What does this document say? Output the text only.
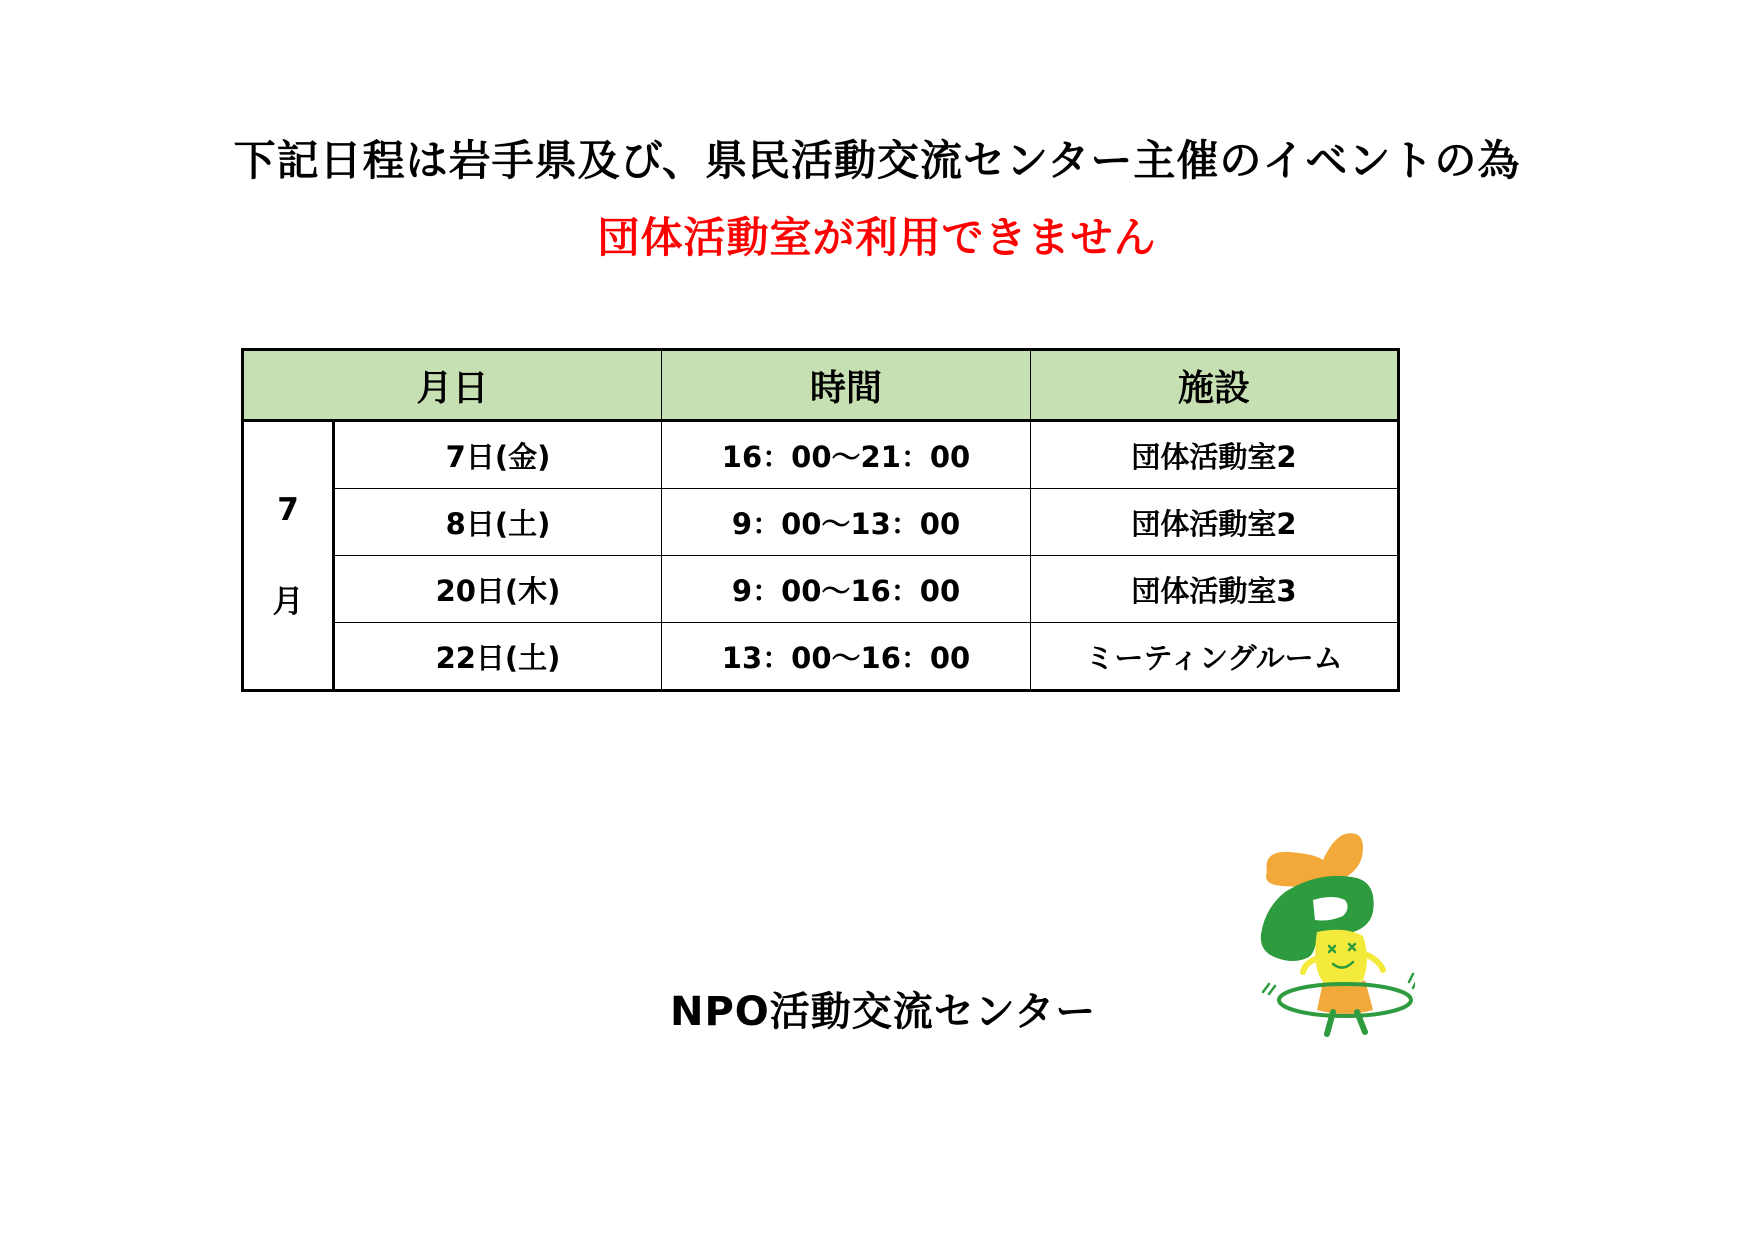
下記日程は岩手県及び、県民活動交流センター主催のイベントの為
団体活動室が利用できません
月日		時間	施設

7
月	7日(金)	16：00～21：00	団体活動室2
	8日(土)	9：00～13：00	団体活動室2
	20日(木)	9：00～16：00	団体活動室3
	22日(土)	13：00～16：00	ミーティングルーム
NPO活動交流センター
